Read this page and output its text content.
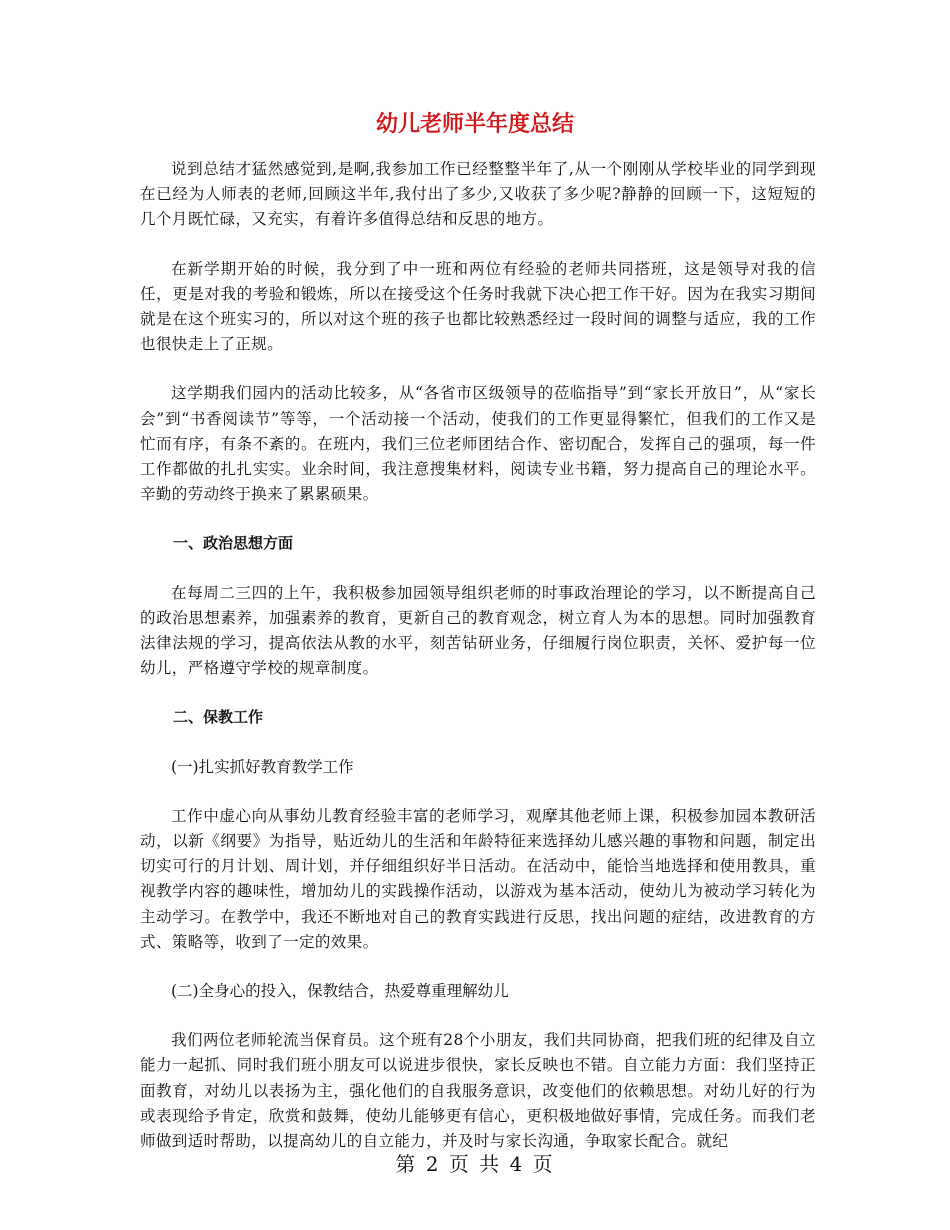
幼儿老师半年度总结

说到总结才猛然感觉到,是啊,我参加工作已经整整半年了,从一个刚刚从学校毕业的同学到现在已经为人师表的老师,回顾这半年,我付出了多少,又收获了多少呢?静静的回顾一下，这短短的几个月既忙碌，又充实，有着许多值得总结和反思的地方。

在新学期开始的时候，我分到了中一班和两位有经验的老师共同搭班，这是领导对我的信任，更是对我的考验和锻炼，所以在接受这个任务时我就下决心把工作干好。因为在我实习期间就是在这个班实习的，所以对这个班的孩子也都比较熟悉经过一段时间的调整与适应，我的工作也很快走上了正规。

这学期我们园内的活动比较多，从“各省市区级领导的莅临指导”到“家长开放日”，从“家长会”到“书香阅读节”等等，一个活动接一个活动，使我们的工作更显得繁忙，但我们的工作又是忙而有序，有条不紊的。在班内，我们三位老师团结合作、密切配合，发挥自己的强项，每一件工作都做的扎扎实实。业余时间，我注意搜集材料，阅读专业书籍，努力提高自己的理论水平。辛勤的劳动终于换来了累累硕果。

一、政治思想方面

在每周二三四的上午，我积极参加园领导组织老师的时事政治理论的学习，以不断提高自己的政治思想素养，加强素养的教育，更新自己的教育观念，树立育人为本的思想。同时加强教育法律法规的学习，提高依法从教的水平，刻苦钻研业务，仔细履行岗位职责，关怀、爱护每一位幼儿，严格遵守学校的规章制度。

二、保教工作

(一)扎实抓好教育教学工作

工作中虚心向从事幼儿教育经验丰富的老师学习，观摩其他老师上课，积极参加园本教研活动，以新《纲要》为指导，贴近幼儿的生活和年龄特征来选择幼儿感兴趣的事物和问题，制定出切实可行的月计划、周计划，并仔细组织好半日活动。在活动中，能恰当地选择和使用教具，重视教学内容的趣味性，增加幼儿的实践操作活动，以游戏为基本活动，使幼儿为被动学习转化为主动学习。在教学中，我还不断地对自己的教育实践进行反思，找出问题的症结，改进教育的方式、策略等，收到了一定的效果。

(二)全身心的投入，保教结合，热爱尊重理解幼儿

我们两位老师轮流当保育员。这个班有28个小朋友，我们共同协商，把我们班的纪律及自立能力一起抓、同时我们班小朋友可以说进步很快，家长反映也不错。自立能力方面：我们坚持正面教育，对幼儿以表扬为主，强化他们的自我服务意识，改变他们的依赖思想。对幼儿好的行为或表现给予肯定，欣赏和鼓舞，使幼儿能够更有信心，更积极地做好事情，完成任务。而我们老师做到适时帮助，以提高幼儿的自立能力，并及时与家长沟通，争取家长配合。就纪

第 2 页 共 4 页
